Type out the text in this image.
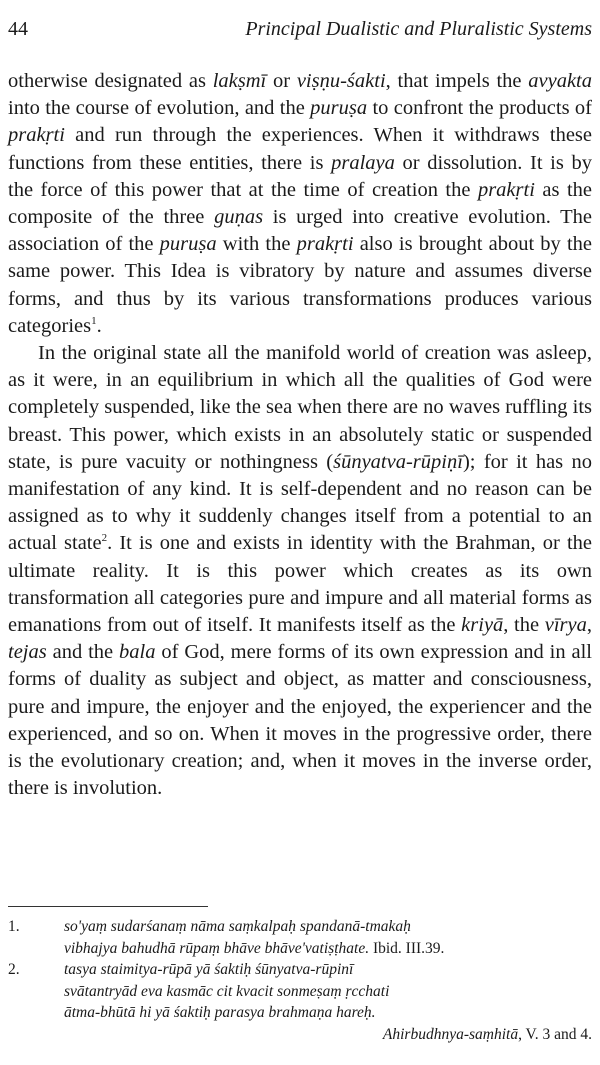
44	Principal Dualistic and Pluralistic Systems

otherwise designated as lakṣmī or viṣṇu-śakti, that impels the avyakta into the course of evolution, and the puruṣa to confront the products of prakṛti and run through the experiences. When it withdraws these functions from these entities, there is pralaya or dissolution. It is by the force of this power that at the time of creation the prakṛti as the composite of the three guṇas is urged into creative evolution. The association of the puruṣa with the prakṛti also is brought about by the same power. This Idea is vibratory by nature and assumes diverse forms, and thus by its various transformations produces various categories$^1$.

In the original state all the manifold world of creation was asleep, as it were, in an equilibrium in which all the qualities of God were completely suspended, like the sea when there are no waves ruffling its breast. This power, which exists in an absolutely static or suspended state, is pure vacuity or nothingness (śūnyatva-rūpiṇī); for it has no manifestation of any kind. It is self-dependent and no reason can be assigned as to why it suddenly changes itself from a potential to an actual state$^2$. It is one and exists in identity with the Brahman, or the ultimate reality. It is this power which creates as its own transformation all categories pure and impure and all material forms as emanations from out of itself. It manifests itself as the kriyā, the vīrya, tejas and the bala of God, mere forms of its own expression and in all forms of duality as subject and object, as matter and consciousness, pure and impure, the enjoyer and the enjoyed, the experiencer and the experienced, and so on. When it moves in the progressive order, there is the evolutionary creation; and, when it moves in the inverse order, there is involution.

1.	so'yaṃ sudarśanaṃ nāma saṃkalpaḥ spandanā-tmakaḥ
vibhajya bahudhā rūpaṃ bhāve bhāve'vatiṣṭhate. Ibid. III.39.
2.	tasya staimitya-rūpā yā śaktiḥ śūnyatva-rūpinī
svātantryād eva kasmāc cit kvacit sonmeṣaṃ ṛcchati
ātma-bhūtā hi yā śaktiḥ parasya brahmaṇa hareḥ.
Ahirbudhnya-saṃhitā, V. 3 and 4.
